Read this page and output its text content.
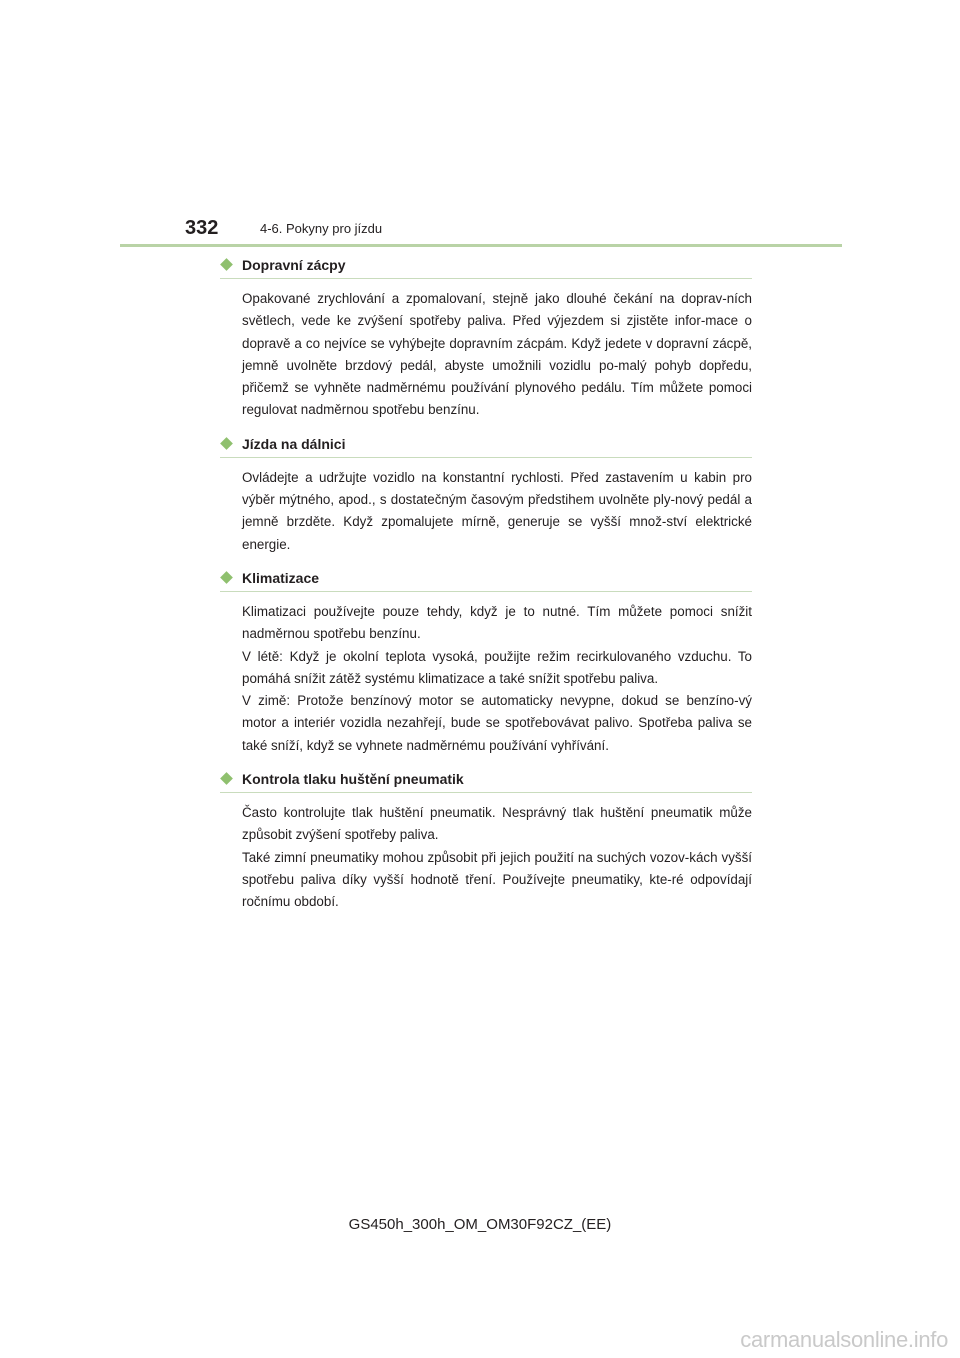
332	4-6. Pokyny pro jízdu
Dopravní zácpy

Opakované zrychlování a zpomalovaní, stejně jako dlouhé čekání na doprav-ních světlech, vede ke zvýšení spotřeby paliva. Před výjezdem si zjistěte infor-mace o dopravě a co nejvíce se vyhýbejte dopravním zácpám. Když jedete v dopravní zácpě, jemně uvolněte brzdový pedál, abyste umožnili vozidlu po-malý pohyb dopředu, přičemž se vyhněte nadměrnému používání plynového pedálu. Tím můžete pomoci regulovat nadměrnou spotřebu benzínu.

Jízda na dálnici

Ovládejte a udržujte vozidlo na konstantní rychlosti. Před zastavením u kabin pro výběr mýtného, apod., s dostatečným časovým předstihem uvolněte ply-nový pedál a jemně brzděte. Když zpomalujete mírně, generuje se vyšší množ-ství elektrické energie.

Klimatizace

Klimatizaci používejte pouze tehdy, když je to nutné. Tím můžete pomoci snížit nadměrnou spotřebu benzínu.

V létě: Když je okolní teplota vysoká, použijte režim recirkulovaného vzduchu. To pomáhá snížit zátěž systému klimatizace a také snížit spotřebu paliva.

V zimě: Protože benzínový motor se automaticky nevypne, dokud se benzíno-vý motor a interiér vozidla nezahřejí, bude se spotřebovávat palivo. Spotřeba paliva se také sníží, když se vyhnete nadměrnému používání vyhřívání.

Kontrola tlaku huštění pneumatik

Často kontrolujte tlak huštění pneumatik. Nesprávný tlak huštění pneumatik může způsobit zvýšení spotřeby paliva.

Také zimní pneumatiky mohou způsobit při jejich použití na suchých vozov-kách vyšší spotřebu paliva díky vyšší hodnotě tření. Používejte pneumatiky, kte-ré odpovídají ročnímu období.

GS450h_300h_OM_OM30F92CZ_(EE)
carmanualsonline.info
